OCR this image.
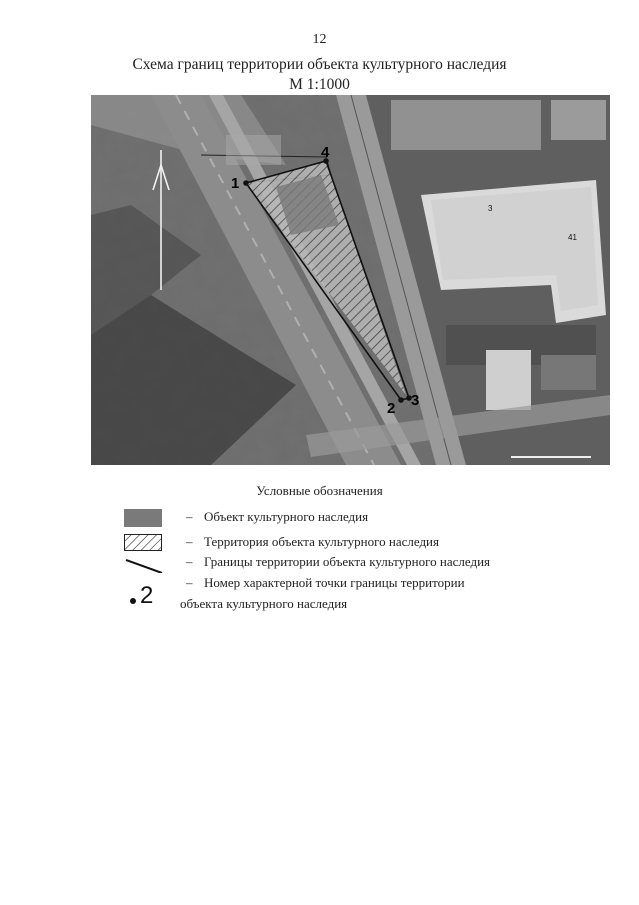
12
Схема границ территории объекта культурного наследия
М 1:1000
1
4
2 3
3
41
Условные обозначения
– Объект культурного наследия
– Территория объекта культурного наследия
– Границы территории объекта культурного наследия
– Номер характерной точки границы территории
2 объекта культурного наследия
